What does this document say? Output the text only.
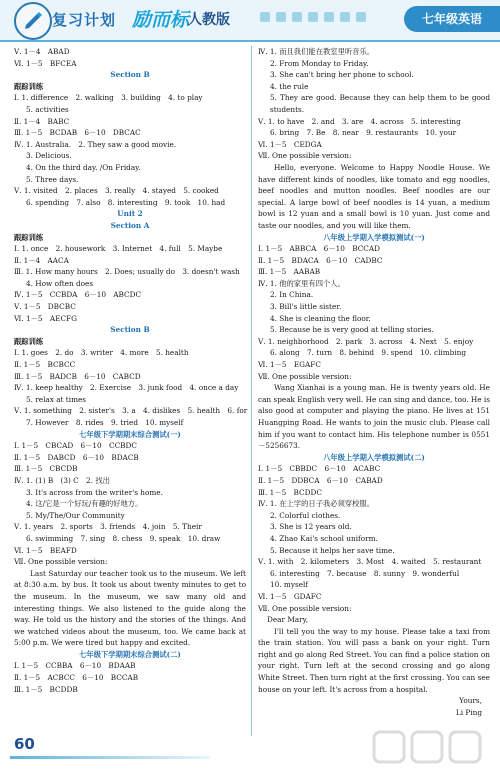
复习计划 励而标
人教版	七年级英语
Ⅴ. 1－4　ABAD
Ⅵ. 1－5　BFCEA
Section B
跟踪训练
Ⅰ. 1. difference　2. walking　3. building　4. to play
5. activities
Ⅱ. 1－4　BABC
Ⅲ. 1－5　BCDAB　6－10　DBCAC
Ⅳ. 1. Australia.　2. They saw a good movie.
3. Delicious.
4. On the third day. /On Friday.
5. Three days.
Ⅴ. 1. visited　2. places　3. really　4. stayed　5. cooked
6. spending　7. also　8. interesting　9. took　10. had
Unit 2
Section A
跟踪训练
Ⅰ. 1. once　2. housework　3. Internet　4. full　5. Maybe
Ⅱ. 1－4　AACA
Ⅲ. 1. How many hours　2. Does; usually do　3. doesn't wash
4. How often does
Ⅳ. 1－5　CCBDA　6－10　ABCDC
Ⅴ. 1－5　DBCBC
Ⅵ. 1－5　AECFG
Section B
跟踪训练
Ⅰ. 1. goes　2. do　3. writer　4. more　5. health
Ⅱ. 1－5　BCBCC
Ⅲ. 1－5　BADCB　6－10　CABCD
Ⅳ. 1. keep healthy　2. Exercise　3. junk food　4. once a day
5. relax at times
Ⅴ. 1. something　2. sister's　3. a　4. dislikes　5. health　6. for
7. However　8. rides　9. tried　10. myself
七年级下学期期末综合测试(一)
Ⅰ. 1－5　CBCAD　6－10　CCBDC
Ⅱ. 1－5　DABCD　6－10　BDACB
Ⅲ. 1－5　CBCDB
Ⅳ. 1. (1) B　(3) C　2. 找出
3. It's across from the writer's home.
4. 这/它是一个好玩/有趣的好地方。
5. My/The/Our Community
Ⅴ. 1. years　2. sports　3. friends　4. join　5. Their
6. swimming　7. sing　8. chess　9. speak　10. draw
Ⅵ. 1－5　BEAFD
Ⅶ. One possible version:
Last Saturday our teacher took us to the museum. We left at 8:30 a.m. by bus. It took us about twenty minutes to get to the museum. In the museum, we saw many old and interesting things. We also listened to the guide along the way. He told us the history and the stories of the things. And we watched videos about the museum, too. We came back at 5:00 p.m. We were tired but happy and excited.
七年级下学期期末综合测试(二)
Ⅰ. 1－5　CCBBA　6－10　BDAAB
Ⅱ. 1－5　ACBCC　6－10　BCCAB
Ⅲ. 1－5　BCDDB
Ⅳ. 1. 而且我们能在教室里听音乐。
2. From Monday to Friday.
3. She can't bring her phone to school.
4. the rule
5. They are good. Because they can help them to be good students.
Ⅴ. 1. to have　2. and　3. are　4. across　5. interesting
6. bring　7. Be　8. near　9. restaurants　10. your
Ⅵ. 1－5　CEDGA
Ⅶ. One possible version:
Hello, everyone. Welcome to Happy Noodle House. We have different kinds of noodles, like tomato and egg noodles, beef noodles and mutton noodles. Beef noodles are our special. A large bowl of beef noodles is 14 yuan, a medium bowl is 12 yuan and a small bowl is 10 yuan. Just come and taste our noodles, and you will like them.
八年级上学期入学模拟测试(一)
Ⅰ. 1－5　ABBCA　6－10　BCCAD
Ⅱ. 1－5　BDACA　6－10　CADBC
Ⅲ. 1－5　AABAB
Ⅳ. 1. 他的家里有四个人。
2. In China.
3. Bill's little sister.
4. She is cleaning the floor.
5. Because he is very good at telling stories.
Ⅴ. 1. neighborhood　2. park　3. across　4. Next　5. enjoy
6. along　7. turn　8. behind　9. spend　10. climbing
Ⅵ. 1－5　EGAFC
Ⅶ. One possible version:
Wang Xianhai is a young man. He is twenty years old. He can speak English very well. He can sing and dance, too. He is also good at computer and playing the piano. He lives at 151 Huangping Road. He wants to join the music club. Please call him if you want to contact him. His telephone number is 0551－5256673.
八年级上学期入学模拟测试(二)
Ⅰ. 1－5　CBBDC　6－10　ACABC
Ⅱ. 1－5　DDBCA　6－10　CABAD
Ⅲ. 1－5　BCDDC
Ⅳ. 1. 在上学的日子我必须穿校服。
2. Colorful clothes.
3. She is 12 years old.
4. Zhao Kai's school uniform.
5. Because it helps her save time.
Ⅴ. 1. with　2. kilometers　3. Most　4. waited　5. restaurant
6. interesting　7. because　8. sunny　9. wonderful
10. myself
Ⅵ. 1－5　GDAFC
Ⅶ. One possible version:
Dear Mary,
I'll tell you the way to my house. Please take a taxi from the train station. You will pass a bank on your right. Turn right and go along Red Street. You can find a police station on your right. Turn left at the second crossing and go along White Street. Then turn right at the first crossing. You can see house on your left. It's across from a hospital.
Yours,
Li Ping
60
